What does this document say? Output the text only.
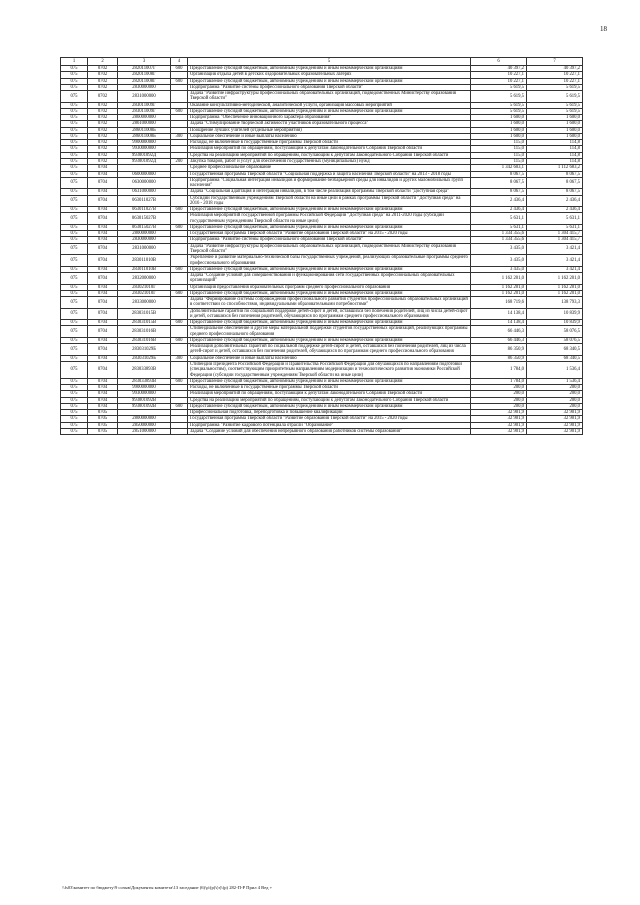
18
1	2	3	4	5	6	7
075	0702	282011007Г	600	Предоставление субсидий бюджетным, автономным учреждениям и иным некоммерческим организациям	40 397,2	40 397,2
075	0702	282011008Г		Организация отдыха детей в детских оздоровительных образовательных лагерях	10 227,1	10 227,1
075	0702	282011008Г	600	Предоставление субсидий бюджетным, автономным учреждениям и иным некоммерческим организациям	10 227,1	10 227,1
075	0702	2830000000		Подпрограмма "Развитие системы профессионального образования Тверской области"	5 619,5	5 619,5
075	0702	2831000000		Задача "Развитие инфраструктуры профессиональных образовательных организаций, подведомственных Министерству образования Тверской области"	5 619,5	5 619,5
075	0702	283011009Г		Оказание консультативно-методической, аналитической услуги, организация массовых мероприятий	5 619,5	5 619,5
075	0702	283011009Г	600	Предоставление субсидий бюджетным, автономным учреждениям и иным некоммерческим организациям	5 619,5	5 619,5
075	0702	2860000000		Подпрограмма "Обеспечение инновационного характера образования"	1 600,0	1 600,0
075	0702	2861000000		Задача "Стимулирование творческой активности участников образовательного процесса"	1 600,0	1 600,0
075	0702	286011008Б		Поощрение лучших учителей (отдельные мероприятия)	1 600,0	1 600,0
075	0702	286011008Б	300	Социальное обеспечение и иные выплаты населению	1 600,0	1 600,0
075	0702	9900000000		Расходы, не включенные в государственные программы Тверской области	115,0	114,8
075	0702	9930000000		Реализация мероприятий по обращениям, поступающим к депутатам Законодательного Собрания Тверской области	115,0	114,8
075	0702	993001092Д		Средства на реализацию мероприятий по обращениям, поступающим к депутатам Законодательного Собрания Тверской области	115,0	114,8
075	0702	993001092Д	200	Закупка товаров, работ и услуг для обеспечения государственных (муниципальных) нужд	115,0	114,8
075	0704			Среднее профессиональное образование	1 342 603,1	1 112 683,2
075	0704	0600000000		Государственная программа Тверской области "Социальная поддержка и защита населения Тверской области" на 2013 - 2018 годы	8 067,5	8 067,5
075	0704	0630000000		Подпрограмма "Социальная интеграция инвалидов и формирование безбарьерной среды для инвалидов и других маломобильных групп населения"	8 067,5	8 067,5
075	0704	0631000000		Задача "Социальная адаптация и интеграция инвалидов, в том числе реализация программы Тверской области "Доступная среда"	8 067,5	8 067,5
075	0704	063011027В		Субсидии государственным учреждениям Тверской области на иные цели в рамках программы Тверской области "Доступная среда" на 2016 - 2018 годы	2 436,4	2 436,4
075	0704	063011027В	600	Предоставление субсидий бюджетным, автономным учреждениям и иным некоммерческим организациям	2 436,4	2 436,4
075	0704	063015027В		Реализация мероприятий государственной программы Российской Федерации "Доступная среда" на 2011-2020 годы (субсидии государственным учреждениям Тверской области на иные цели)	5 631,1	5 631,1
075	0704	063015027В	600	Предоставление субсидий бюджетным, автономным учреждениям и иным некоммерческим организациям	5 631,1	5 631,1
075	0704	2800000000		Государственная программа Тверской области "Развитие образования Тверской области" на 2015 - 2020 годы	1 334 355,6	1 304 415,7
075	0704	2830000000		Подпрограмма "Развитие системы профессионального образования Тверской области"	1 334 355,6	1 304 415,7
075	0704	2831000000		Задача "Развитие инфраструктуры профессиональных образовательных организаций, подведомственных Министерству образования Тверской области"	3 435,0	3 421,4
075	0704	283011010В		Укрепление и развитие материально-технической базы государственных учреждений, реализующих образовательные программы среднего профессионального образования	3 435,0	3 421,4
075	0704	283011010В	600	Предоставление субсидий бюджетным, автономным учреждениям и иным некоммерческим организациям	3 435,0	3 421,4
075	0704	2832000000		Задача "Создание условий для совершенствования и функционирования сети государственных профессиональных образовательных организаций"	1 162 201,0	1 162 201,0
075	0704	283021010Г		Организация предоставления образовательных программ среднего профессионального образования	1 162 201,0	1 162 201,0
075	0704	283021010Г	600	Предоставление субсидий бюджетным, автономным учреждениям и иным некоммерческим организациям	1 162 201,0	1 162 201,0
075	0704	2833000000		Задача "Формирование системы сопровождения профессионального развития студентов профессиональных образовательных организаций в соответствии со способностями, индивидуальными образовательными потребностями"	168 719,6	138 793,3
075	0704	283031015В		Дополнительные гарантии по социальной поддержке детей-сирот и детей, оставшихся без попечения родителей, лиц из числа детей-сирот и детей, оставшихся без попечения родителей, обучающихся по программам среднего профессионального образования	14 138,4	10 839,9
075	0704	283031015В	600	Предоставление субсидий бюджетным, автономным учреждениям и иным некоммерческим организациям	14 138,4	10 839,9
075	0704	283031016В		Стипендиальное обеспечение и другие меры материальной поддержки студентов государственных организаций, реализующих программы среднего профессионального образования	66 446,3	58 076,5
075	0704	283031016В	600	Предоставление субсидий бюджетным, автономным учреждениям и иным некоммерческим организациям	66 446,3	58 076,5
075	0704	283031029Б		Реализация дополнительных гарантий по социальной поддержке детей-сирот и детей, оставшихся без попечения родителей, лиц из числа детей-сирот и детей, оставшихся без попечения родителей, обучающихся по программам среднего профессионального образования	86 350,9	68 340,5
075	0704	283031029Б	300	Социальное обеспечение и иные выплаты населению	86 350,9	68 340,5
075	0704	283033893В		Стипендии Президента Российской Федерации и Правительства Российской Федерации для обучающихся по направлениям подготовки (специальностям), соответствующим приоритетным направлениям модернизации и технологического развития экономики Российской Федерации (субсидии государственным учреждениям Тверской области на иные цели)	1 784,0	1 536,4
075	0704	283033893В	600	Предоставление субсидий бюджетным, автономным учреждениям и иным некоммерческим организациям	1 784,0	1 536,4
075	0704	9900000000		Расходы, не включенные в государственные программы Тверской области	200,0	200,0
075	0704	9930000000		Реализация мероприятий по обращениям, поступающим к депутатам Законодательного Собрания Тверской области	200,0	200,0
075	0704	993001092В		Средства на реализацию мероприятий по обращениям, поступающим к депутатам Законодательного Собрания Тверской области	200,0	200,0
075	0704	993001092В	600	Предоставление субсидий бюджетным, автономным учреждениям и иным некоммерческим организациям	200,0	200,0
075	0705			Профессиональная подготовка, переподготовка и повышение квалификации	32 901,9	32 901,9
075	0705	2800000000		Государственная программа Тверской области "Развитие образования Тверской области" на 2015 - 2020 годы	32 901,9	32 901,9
075	0705	2850000000		Подпрограмма "Развитие кадрового потенциала отрасли "Образование"	32 901,9	32 901,9
075	0705	2851000000		Задача "Создание условий для обеспечения непрерывного образования работников системы образования"	32 901,9	32 901,9
\\fs03\комитет по бюджету\9 созыв\Документы комитета\13 заседание (6)\р\(р)\(з)\(р) 282-П-Р Прил 4 Вед +
